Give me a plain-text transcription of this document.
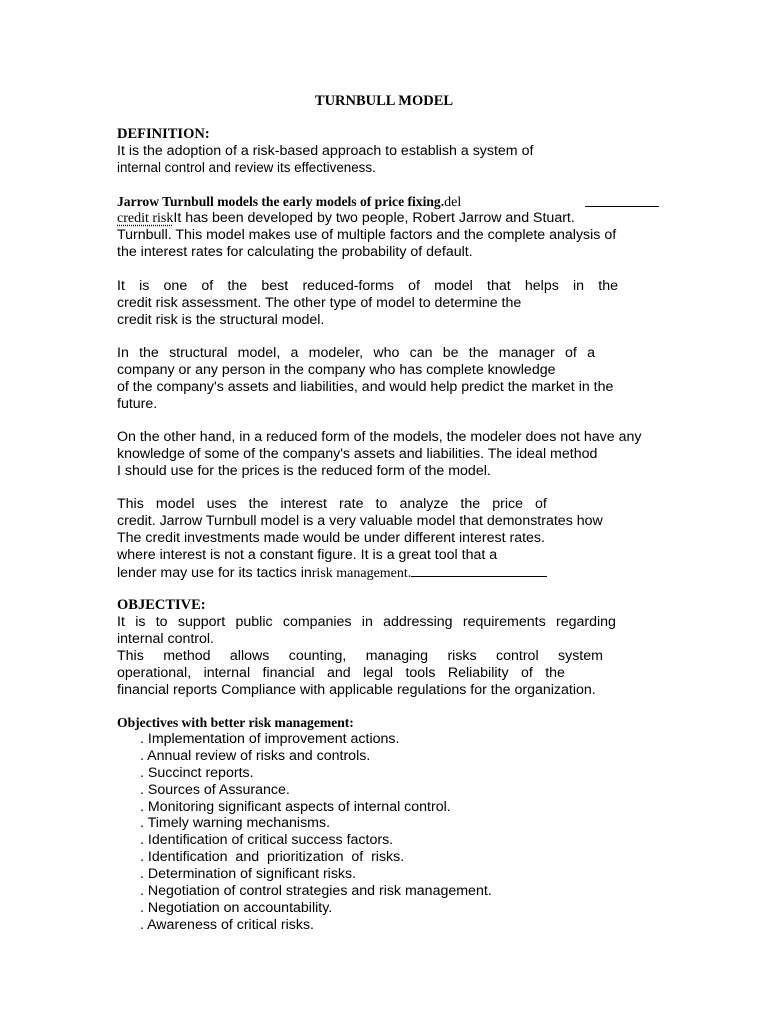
TURNBULL MODEL
DEFINITION:
It is the adoption of a risk-based approach to establish a system of
internal control and review its effectiveness.
Jarrow Turnbull models the early models of price fixing.del
credit riskIt has been developed by two people, Robert Jarrow and Stuart.
Turnbull. This model makes use of multiple factors and the complete analysis of
the interest rates for calculating the probability of default.
It is one of the best reduced-forms of model that helps in the
credit risk assessment. The other type of model to determine the
credit risk is the structural model.
In the structural model, a modeler, who can be the manager of a
company or any person in the company who has complete knowledge
of the company's assets and liabilities, and would help predict the market in the
future.
On the other hand, in a reduced form of the models, the modeler does not have any
knowledge of some of the company's assets and liabilities. The ideal method
I should use for the prices is the reduced form of the model.
This model uses the interest rate to analyze the price of
credit. Jarrow Turnbull model is a very valuable model that demonstrates how
The credit investments made would be under different interest rates.
where interest is not a constant figure. It is a great tool that a
lender may use for its tactics inrisk management.
OBJECTIVE:
It is to support public companies in addressing requirements regarding
internal control.
This method allows counting, managing risks control system
operational, internal financial and legal tools Reliability of the
financial reports Compliance with applicable regulations for the organization.
Objectives with better risk management:
. Implementation of improvement actions.
. Annual review of risks and controls.
. Succinct reports.
. Sources of Assurance.
. Monitoring significant aspects of internal control.
. Timely warning mechanisms.
. Identification of critical success factors.
. Identification  and  prioritization  of  risks.
. Determination of significant risks.
. Negotiation of control strategies and risk management.
. Negotiation on accountability.
. Awareness of critical risks.
